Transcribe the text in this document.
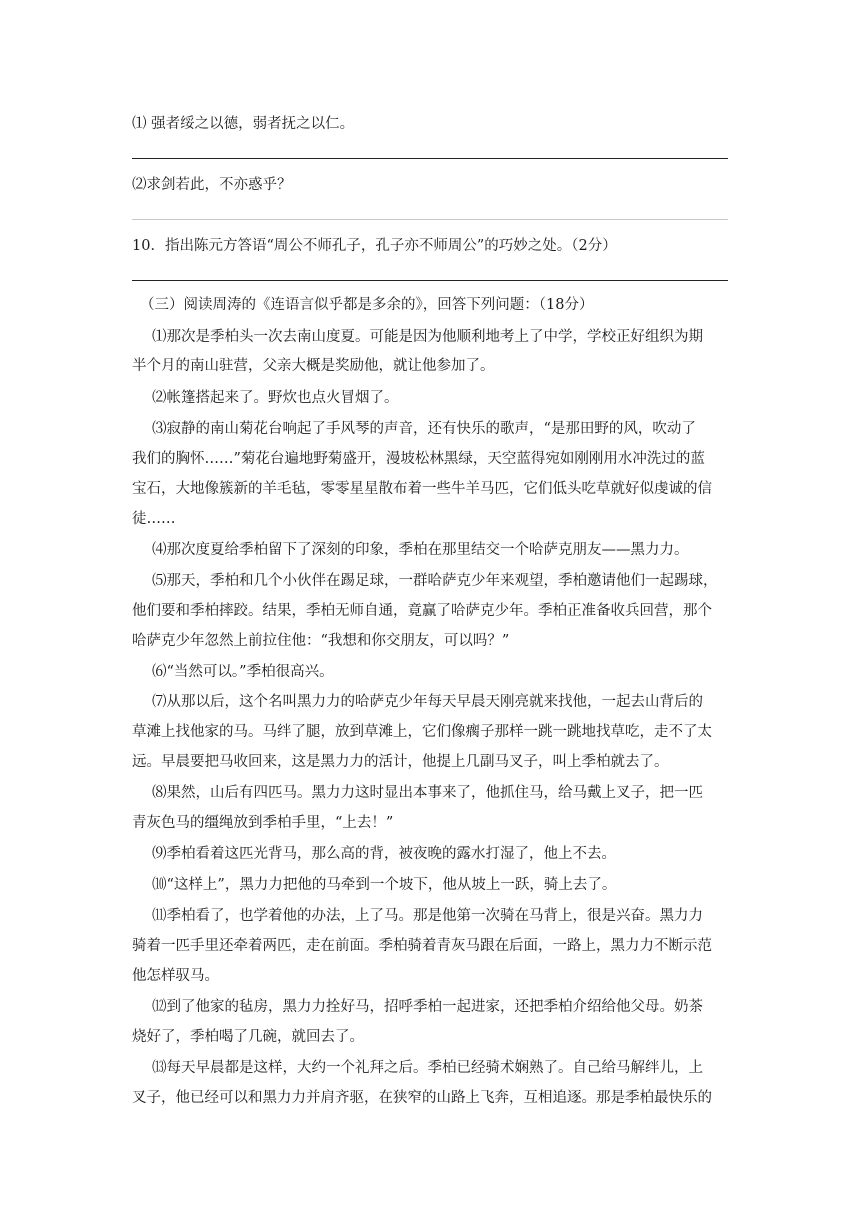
⑴ 强者绥之以德，弱者抚之以仁。
⑵求剑若此，不亦惑乎？
10．指出陈元方答语“周公不师孔子，孔子亦不师周公”的巧妙之处。（2分）
（三）阅读周涛的《连语言似乎都是多余的》，回答下列问题：（18分）
⑴那次是季柏头一次去南山度夏。可能是因为他顺利地考上了中学，学校正好组织为期
半个月的南山驻营，父亲大概是奖励他，就让他参加了。
⑵帐篷搭起来了。野炊也点火冒烟了。
⑶寂静的南山菊花台响起了手风琴的声音，还有快乐的歌声，“是那田野的风，吹动了
我们的胸怀……”菊花台遍地野菊盛开，漫坡松林黑绿，天空蓝得宛如刚刚用水冲洗过的蓝
宝石，大地像簇新的羊毛毡，零零星星散布着一些牛羊马匹，它们低头吃草就好似虔诚的信
徒……
⑷那次度夏给季柏留下了深刻的印象，季柏在那里结交一个哈萨克朋友——黑力力。
⑸那天，季柏和几个小伙伴在踢足球，一群哈萨克少年来观望，季柏邀请他们一起踢球，
他们要和季柏摔跤。结果，季柏无师自通，竟赢了哈萨克少年。季柏正准备收兵回营，那个
哈萨克少年忽然上前拉住他：“我想和你交朋友，可以吗？”
⑹“当然可以。”季柏很高兴。
⑺从那以后，这个名叫黑力力的哈萨克少年每天早晨天刚亮就来找他，一起去山背后的
草滩上找他家的马。马绊了腿，放到草滩上，它们像瘸子那样一跳一跳地找草吃，走不了太
远。早晨要把马收回来，这是黑力力的活计，他提上几副马叉子，叫上季柏就去了。
⑻果然，山后有四匹马。黑力力这时显出本事来了，他抓住马，给马戴上叉子，把一匹
青灰色马的缰绳放到季柏手里，“上去！”
⑼季柏看着这匹光背马，那么高的背，被夜晚的露水打湿了，他上不去。
⑽“这样上”，黑力力把他的马牵到一个坡下，他从坡上一跃，骑上去了。
⑾季柏看了，也学着他的办法，上了马。那是他第一次骑在马背上，很是兴奋。黑力力
骑着一匹手里还牵着两匹，走在前面。季柏骑着青灰马跟在后面，一路上，黑力力不断示范
他怎样驭马。
⑿到了他家的毡房，黑力力拴好马，招呼季柏一起进家，还把季柏介绍给他父母。奶茶
烧好了，季柏喝了几碗，就回去了。
⒀每天早晨都是这样，大约一个礼拜之后。季柏已经骑术娴熟了。自己给马解绊儿，上
叉子，他已经可以和黑力力并肩齐驱，在狭窄的山路上飞奔，互相追逐。那是季柏最快乐的
